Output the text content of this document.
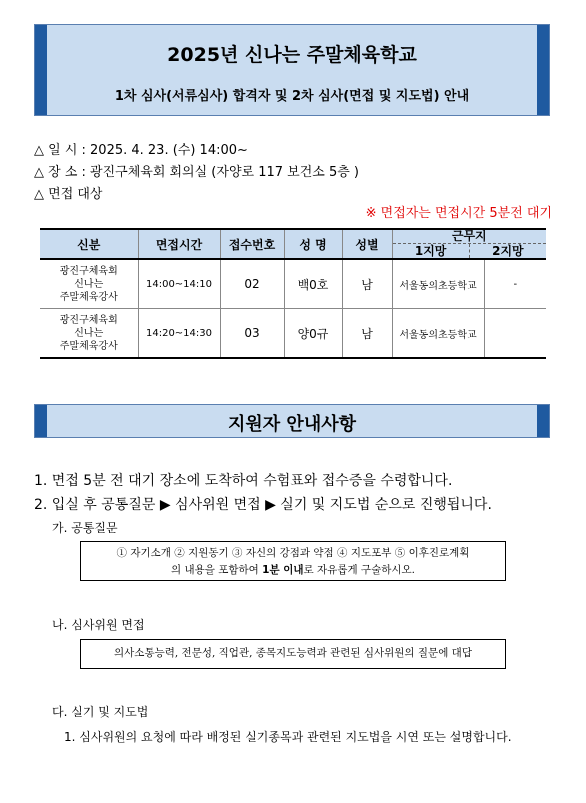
2025년 신나는 주말체육학교
1차 심사(서류심사) 합격자 및 2차 심사(면접 및 지도법) 안내
△ 일 시 : 2025. 4. 23. (수) 14:00~
△ 장 소 : 광진구체육회 회의실 (자양로 117 보건소 5층 )
△ 면접 대상
※ 면접자는 면접시간 5분전 대기
신분	면접시간	접수번호	성 명	성별	근무지
1지망 2지망	

광진구체육회
신나는
주말체육강사	14:00~14:10	02	백0호	남	서울동의초등학교	-
광진구체육회
신나는
주말체육강사	14:20~14:30	03	양0규	남	서울동의초등학교	
지원자 안내사항
1. 면접 5분 전 대기 장소에 도착하여 수험표와 접수증을 수령합니다.
2. 입실 후 공통질문 ▶ 심사위원 면접 ▶ 실기 및 지도법 순으로 진행됩니다.
가. 공통질문
① 자기소개 ② 지원동기 ③ 자신의 강점과 약점 ④ 지도포부 ⑤ 이후진로계획
의 내용을 포함하여 1분 이내로 자유롭게 구술하시오.
나. 심사위원 면접
의사소통능력, 전문성, 직업관, 종목지도능력과 관련된 심사위원의 질문에 대답
다. 실기 및 지도법
1. 심사위원의 요청에 따라 배정된 실기종목과 관련된 지도법을 시연 또는 설명합니다.
